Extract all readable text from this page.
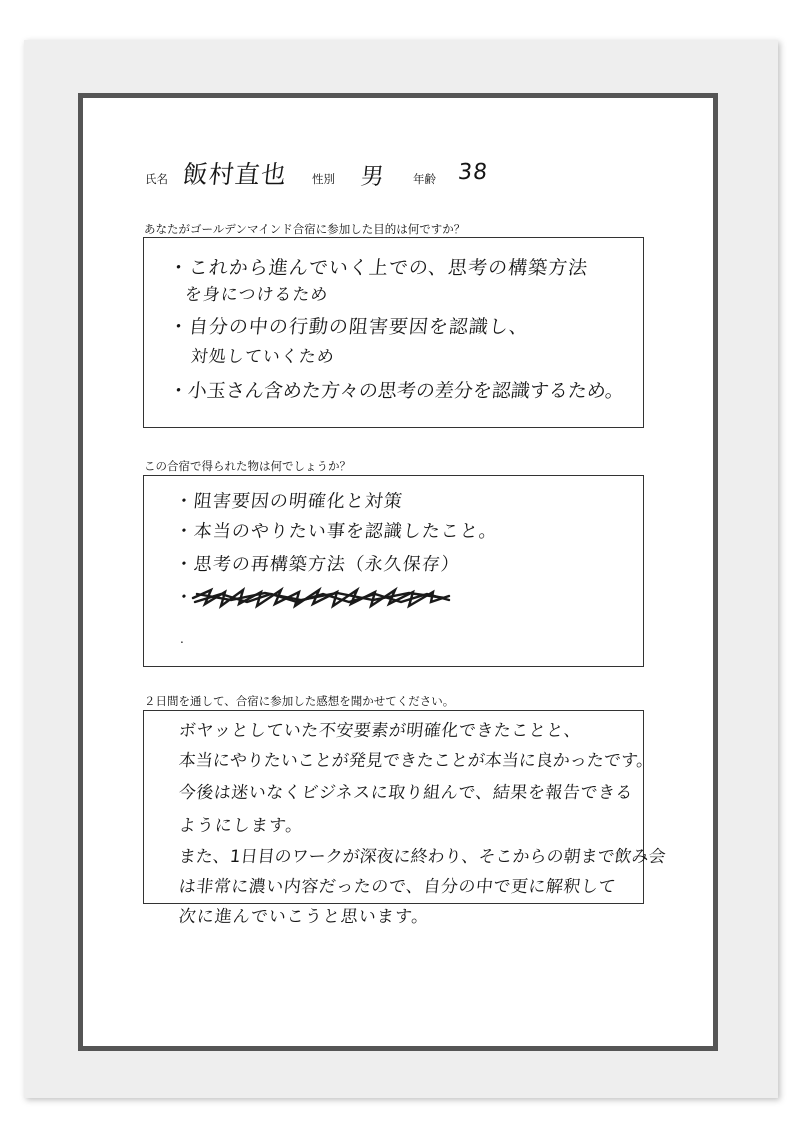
氏名 飯村直也 性別 男 年齢 38
あなたがゴールデンマインド合宿に参加した目的は何ですか？
・これから進んでいく上での、思考の構築方法
を身につけるため
・自分の中の行動の阻害要因を認識し、
対処していくため
・小玉さん含めた方々の思考の差分を認識するため。
この合宿で得られた物は何でしょうか？
・阻害要因の明確化と対策
・本当のやりたい事を認識したこと。
・思考の再構築方法（永久保存）
・
.
２日間を通して、合宿に参加した感想を聞かせてください。
ボヤッとしていた不安要素が明確化できたことと、
本当にやりたいことが発見できたことが本当に良かったです。
今後は迷いなくビジネスに取り組んで、結果を報告できる
ようにします。
また、1日目のワークが深夜に終わり、そこからの朝まで飲み会
は非常に濃い内容だったので、自分の中で更に解釈して
次に進んでいこうと思います。
